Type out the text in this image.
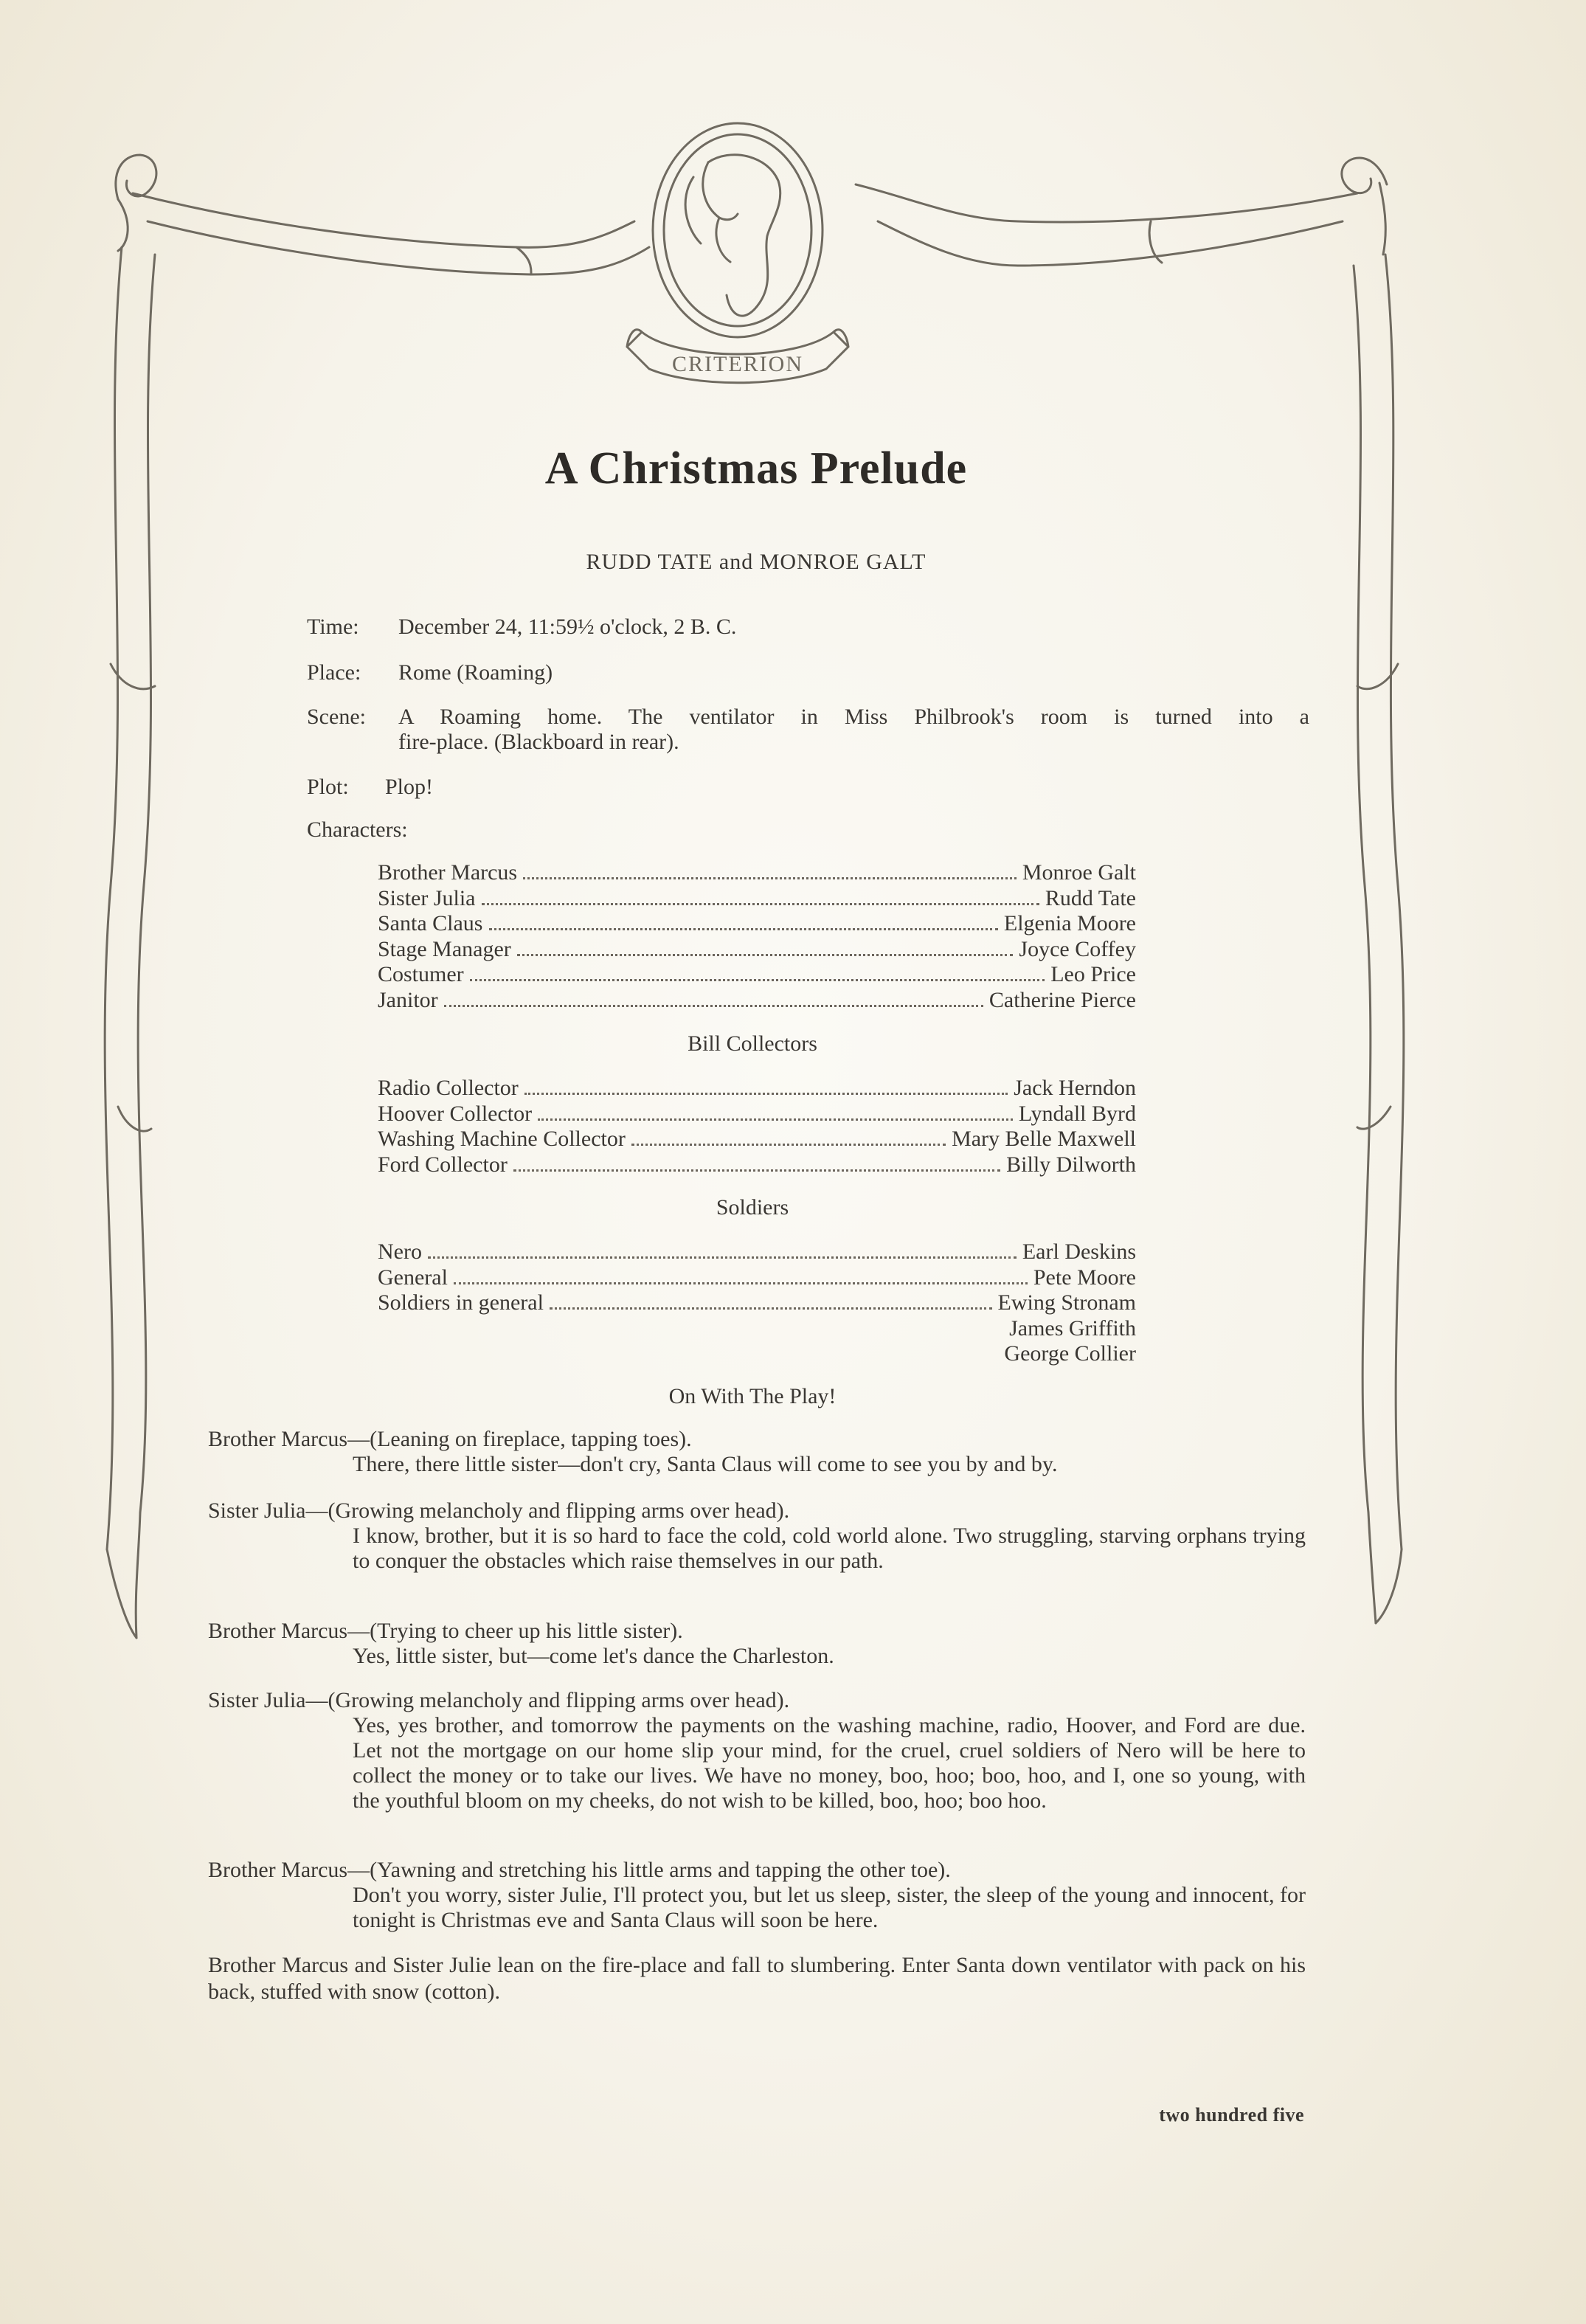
CRITERION
A Christmas Prelude
RUDD TATE and MONROE GALT
Time: December 24, 11:59½ o'clock, 2 B. C.
Place: Rome (Roaming)
Scene: A Roaming home. The ventilator in Miss Philbrook's room is turned into a
fire-place. (Blackboard in rear).
Plot: Plop!
Characters:
Brother Marcus	Monroe Galt
Sister Julia	Rudd Tate
Santa Claus	Elgenia Moore
Stage Manager	Joyce Coffey
Costumer	Leo Price
Janitor	Catherine Pierce
Bill Collectors
Radio Collector	Jack Herndon
Hoover Collector	Lyndall Byrd
Washing Machine Collector	Mary Belle Maxwell
Ford Collector	Billy Dilworth
Soldiers
Nero	Earl Deskins
General	Pete Moore
Soldiers in general	Ewing Stronam
James Griffith
George Collier
On With The Play!
Brother Marcus—(Leaning on fireplace, tapping toes).
There, there little sister—don't cry, Santa Claus will come to see you by and by.
Sister Julia—(Growing melancholy and flipping arms over head).
I know, brother, but it is so hard to face the cold, cold world alone. Two struggling, starving orphans trying to conquer the obstacles which raise themselves in our path.
Brother Marcus—(Trying to cheer up his little sister).
Yes, little sister, but—come let's dance the Charleston.
Sister Julia—(Growing melancholy and flipping arms over head).
Yes, yes brother, and tomorrow the payments on the washing machine, radio, Hoover, and Ford are due. Let not the mortgage on our home slip your mind, for the cruel, cruel soldiers of Nero will be here to collect the money or to take our lives. We have no money, boo, hoo; boo, hoo, and I, one so young, with the youthful bloom on my cheeks, do not wish to be killed, boo, hoo; boo hoo.
Brother Marcus—(Yawning and stretching his little arms and tapping the other toe).
Don't you worry, sister Julie, I'll protect you, but let us sleep, sister, the sleep of the young and innocent, for tonight is Christmas eve and Santa Claus will soon be here.
Brother Marcus and Sister Julie lean on the fire-place and fall to slumbering. Enter Santa down ventilator with pack on his back, stuffed with snow (cotton).
two hundred five
